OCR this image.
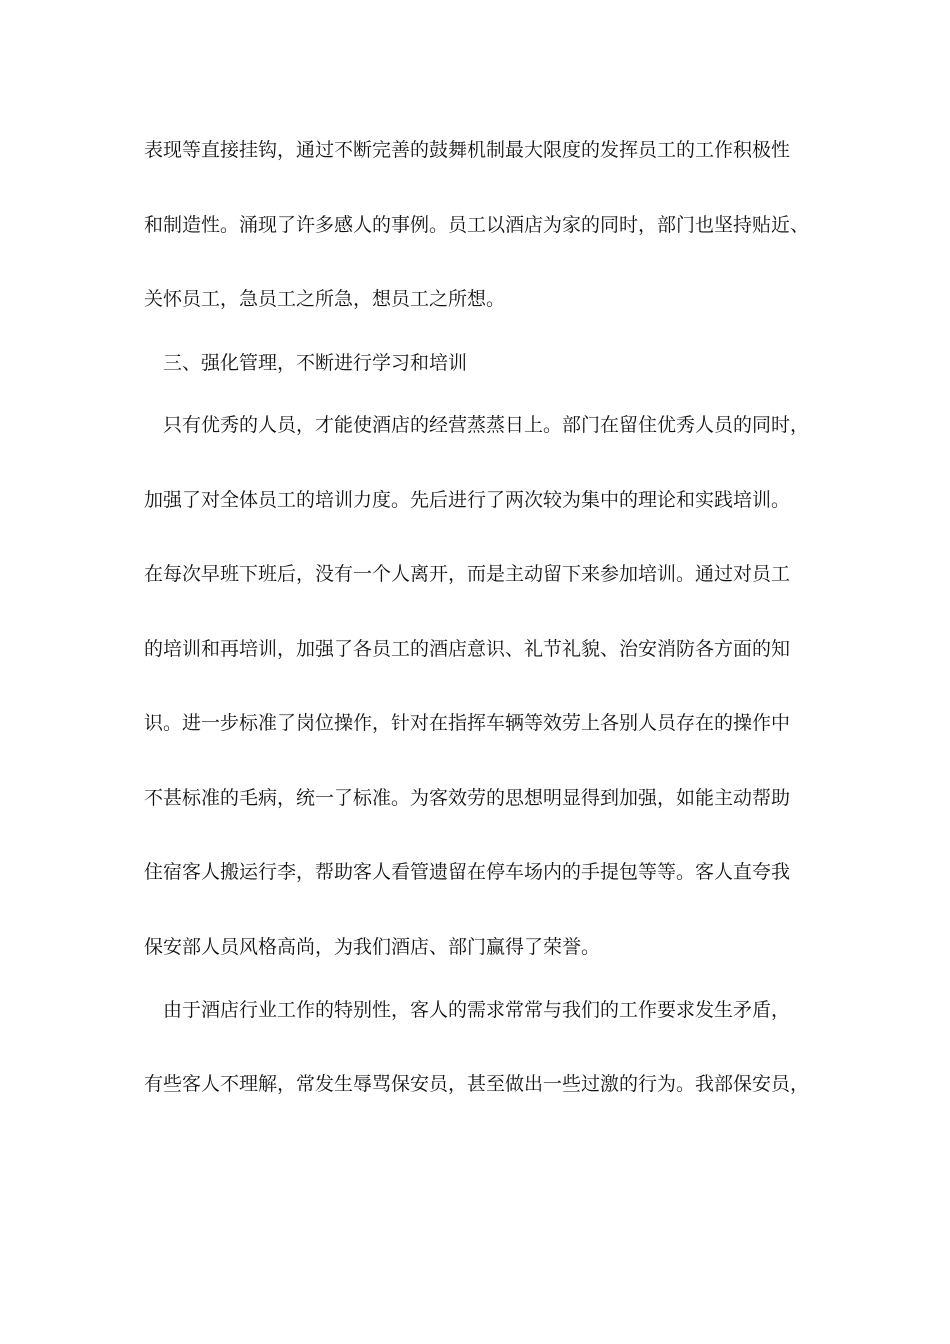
表现等直接挂钩，通过不断完善的鼓舞机制最大限度的发挥员工的工作积极性
和制造性。涌现了许多感人的事例。员工以酒店为家的同时，部门也坚持贴近、
关怀员工，急员工之所急，想员工之所想。
三、强化管理，不断进行学习和培训
只有优秀的人员，才能使酒店的经营蒸蒸日上。部门在留住优秀人员的同时，
加强了对全体员工的培训力度。先后进行了两次较为集中的理论和实践培训。
在每次早班下班后，没有一个人离开，而是主动留下来参加培训。通过对员工
的培训和再培训，加强了各员工的酒店意识、礼节礼貌、治安消防各方面的知
识。进一步标准了岗位操作，针对在指挥车辆等效劳上各别人员存在的操作中
不甚标准的毛病，统一了标准。为客效劳的思想明显得到加强，如能主动帮助
住宿客人搬运行李，帮助客人看管遗留在停车场内的手提包等等。客人直夸我
保安部人员风格高尚，为我们酒店、部门赢得了荣誉。
由于酒店行业工作的特别性，客人的需求常常与我们的工作要求发生矛盾，
有些客人不理解，常发生辱骂保安员，甚至做出一些过激的行为。我部保安员，
